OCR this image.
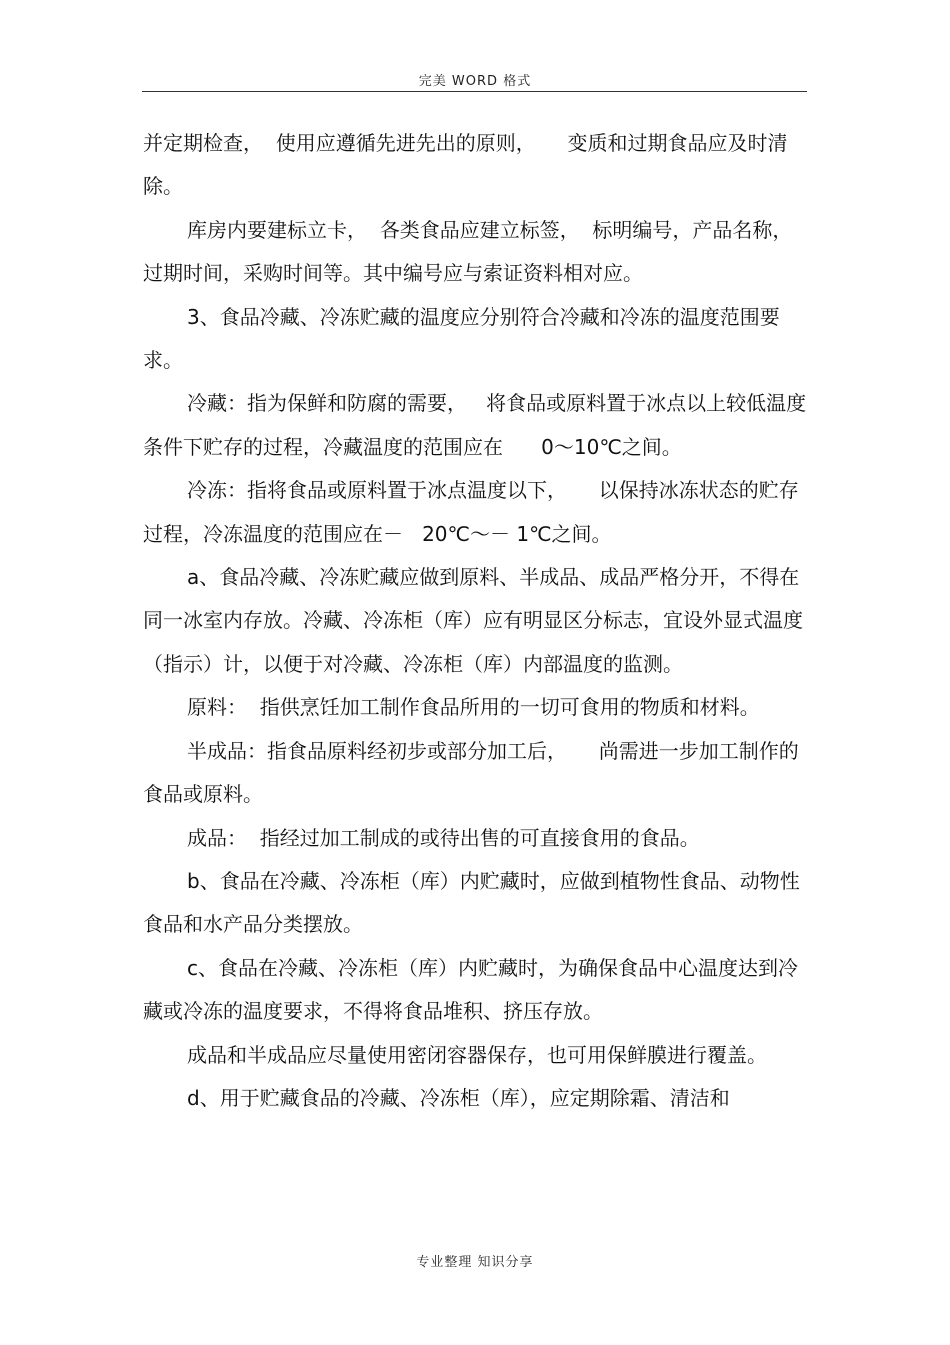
完美 WORD 格式

并定期检查，  使用应遵循先进先出的原则，     变质和过期食品应及时清除。

库房内要建标立卡，  各类食品应建立标签，  标明编号，产品名称，过期时间，采购时间等。其中编号应与索证资料相对应。

3、食品冷藏、冷冻贮藏的温度应分别符合冷藏和冷冻的温度范围要求。

冷藏：指为保鲜和防腐的需要，   将食品或原料置于冰点以上较低温度条件下贮存的过程，冷藏温度的范围应在      0～10℃之间。

冷冻：指将食品或原料置于冰点温度以下，     以保持冰冻状态的贮存过程，冷冻温度的范围应在－   20℃～－ 1℃之间。

a、食品冷藏、冷冻贮藏应做到原料、半成品、成品严格分开，不得在同一冰室内存放。冷藏、冷冻柜（库）应有明显区分标志，宜设外显式温度（指示）计，以便于对冷藏、冷冻柜（库）内部温度的监测。

原料：  指供烹饪加工制作食品所用的一切可食用的物质和材料。

半成品：指食品原料经初步或部分加工后，     尚需进一步加工制作的食品或原料。

成品：  指经过加工制成的或待出售的可直接食用的食品。

b、食品在冷藏、冷冻柜（库）内贮藏时，应做到植物性食品、动物性食品和水产品分类摆放。

c、食品在冷藏、冷冻柜（库）内贮藏时，为确保食品中心温度达到冷藏或冷冻的温度要求，不得将食品堆积、挤压存放。

成品和半成品应尽量使用密闭容器保存，也可用保鲜膜进行覆盖。

d、用于贮藏食品的冷藏、冷冻柜（库），应定期除霜、清洁和

专业整理 知识分享
